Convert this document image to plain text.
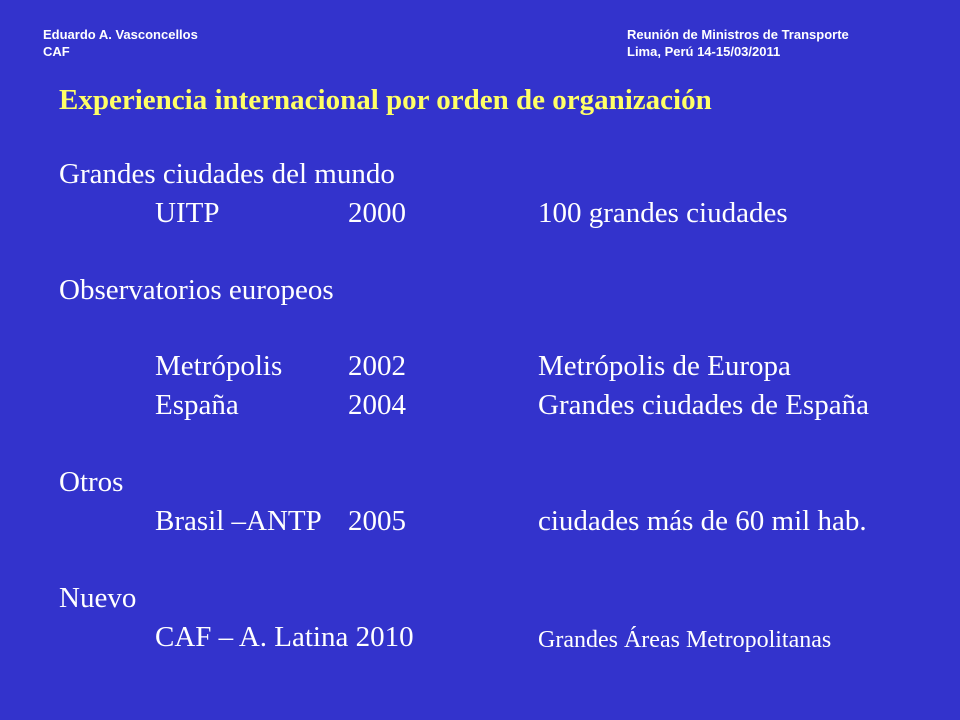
Eduardo A. Vasconcellos
CAF
Reunión de Ministros de Transporte
Lima, Perú 14-15/03/2011
Experiencia internacional por orden de organización
Grandes ciudades del mundo
UITP	2000	100 grandes ciudades
Observatorios europeos
Metrópolis 2002	Metrópolis de Europa
España	2004	Grandes ciudades de España
Otros
Brasil –ANTP 2005	ciudades más de 60 mil hab.
Nuevo
CAF – A. Latina 2010	Grandes Áreas Metropolitanas
